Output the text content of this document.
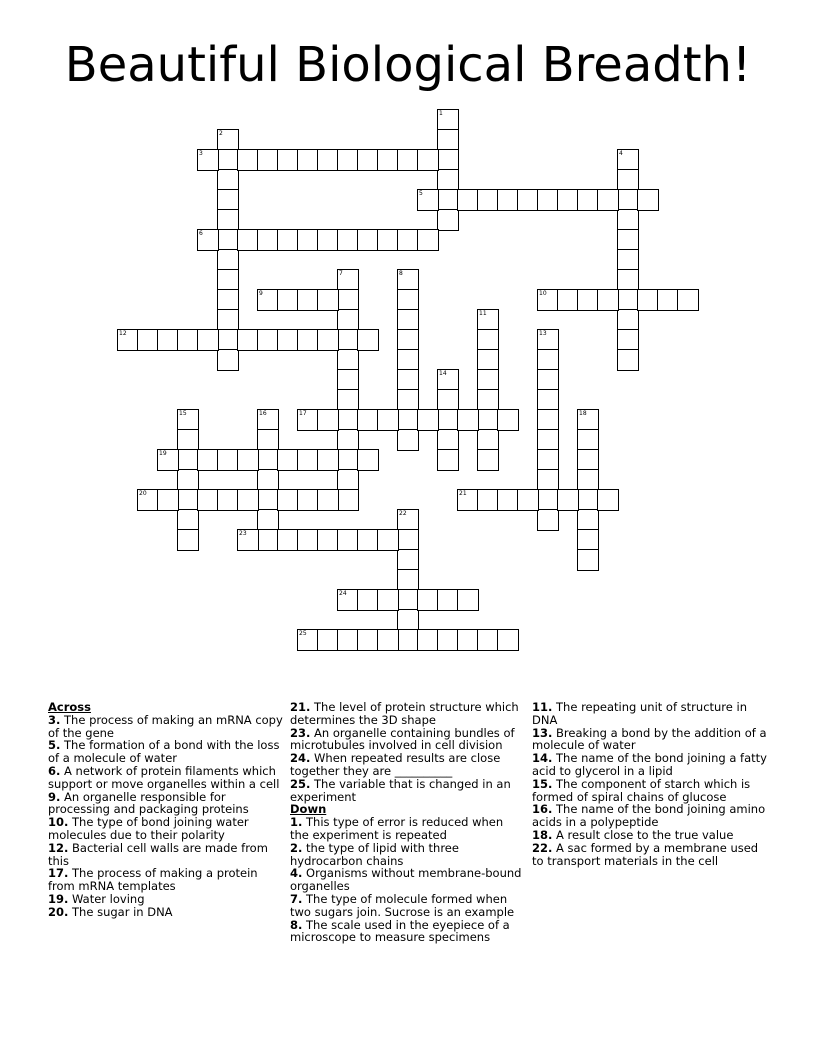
Beautiful Biological Breadth!
1
2
3	4
5
6
7	8
9	10
11
12	13
14
15	16	17	18
19
20	21
22
23
24
25
Across
3. The process of making an mRNA copy of the gene
5. The formation of a bond with the loss of a molecule of water
6. A network of protein filaments which support or move organelles within a cell
9. An organelle responsible for processing and packaging proteins
10. The type of bond joining water molecules due to their polarity
12. Bacterial cell walls are made from this
17. The process of making a protein from mRNA templates
19. Water loving
20. The sugar in DNA
21. The level of protein structure which determines the 3D shape
23. An organelle containing bundles of microtubules involved in cell division
24. When repeated results are close together they are __________
25. The variable that is changed in an experiment
Down
1. This type of error is reduced when the experiment is repeated
2. the type of lipid with three hydrocarbon chains
4. Organisms without membrane-bound organelles
7. The type of molecule formed when two sugars join. Sucrose is an example
8. The scale used in the eyepiece of a microscope to measure specimens
11. The repeating unit of structure in DNA
13. Breaking a bond by the addition of a molecule of water
14. The name of the bond joining a fatty acid to glycerol in a lipid
15. The component of starch which is formed of spiral chains of glucose
16. The name of the bond joining amino acids in a polypeptide
18. A result close to the true value
22. A sac formed by a membrane used to transport materials in the cell
